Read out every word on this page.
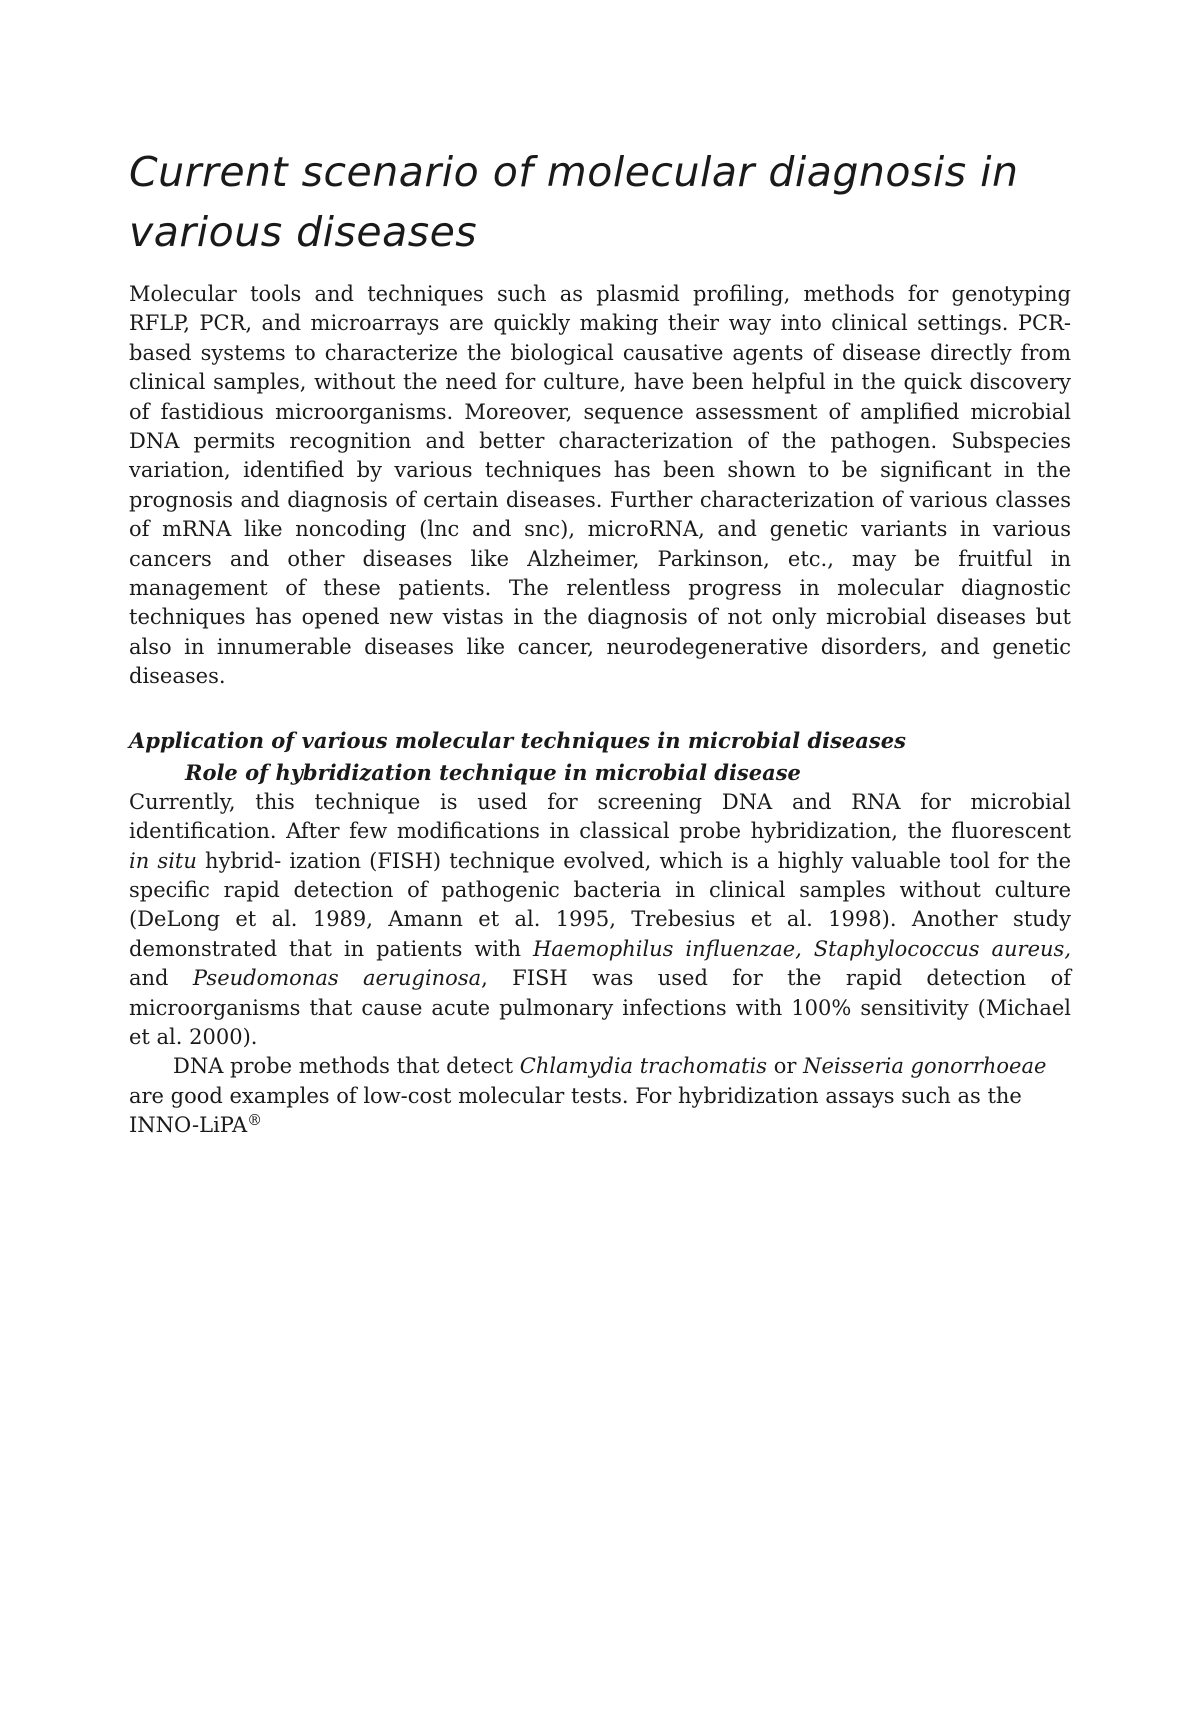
Current scenario of molecular diagnosis in various diseases

Molecular tools and techniques such as plasmid profiling, methods for genotyping RFLP, PCR, and microarrays are quickly making their way into clinical settings. PCR-based systems to characterize the biological causative agents of disease directly from clinical samples, without the need for culture, have been helpful in the quick discovery of fastidious microorganisms. Moreover, sequence assessment of amplified microbial DNA permits recognition and better characterization of the pathogen. Subspecies variation, identified by various techniques has been shown to be significant in the prognosis and diagnosis of certain diseases. Further characterization of various classes of mRNA like noncoding (lnc and snc), microRNA, and genetic variants in various cancers and other diseases like Alzheimer, Parkinson, etc., may be fruitful in management of these patients. The relentless progress in molecular diagnostic techniques has opened new vistas in the diagnosis of not only microbial diseases but also in innumerable diseases like cancer, neurodegenerative disorders, and genetic diseases.

Application of various molecular techniques in microbial diseases
Role of hybridization technique in microbial disease

Currently, this technique is used for screening DNA and RNA for microbial identification. After few modifications in classical probe hybridization, the fluorescent in situ hybrid- ization (FISH) technique evolved, which is a highly valuable tool for the specific rapid detection of pathogenic bacteria in clinical samples without culture (DeLong et al. 1989, Amann et al. 1995, Trebesius et al. 1998). Another study demonstrated that in patients with Haemophilus influenzae, Staphylococcus aureus, and Pseudomonas aeruginosa, FISH was used for the rapid detection of microorganisms that cause acute pulmonary infections with 100% sensitivity (Michael et al. 2000).

DNA probe methods that detect Chlamydia trachomatis or Neisseria gonorrhoeae are good examples of low-cost molecular tests. For hybridization assays such as the INNO-LiPA®
